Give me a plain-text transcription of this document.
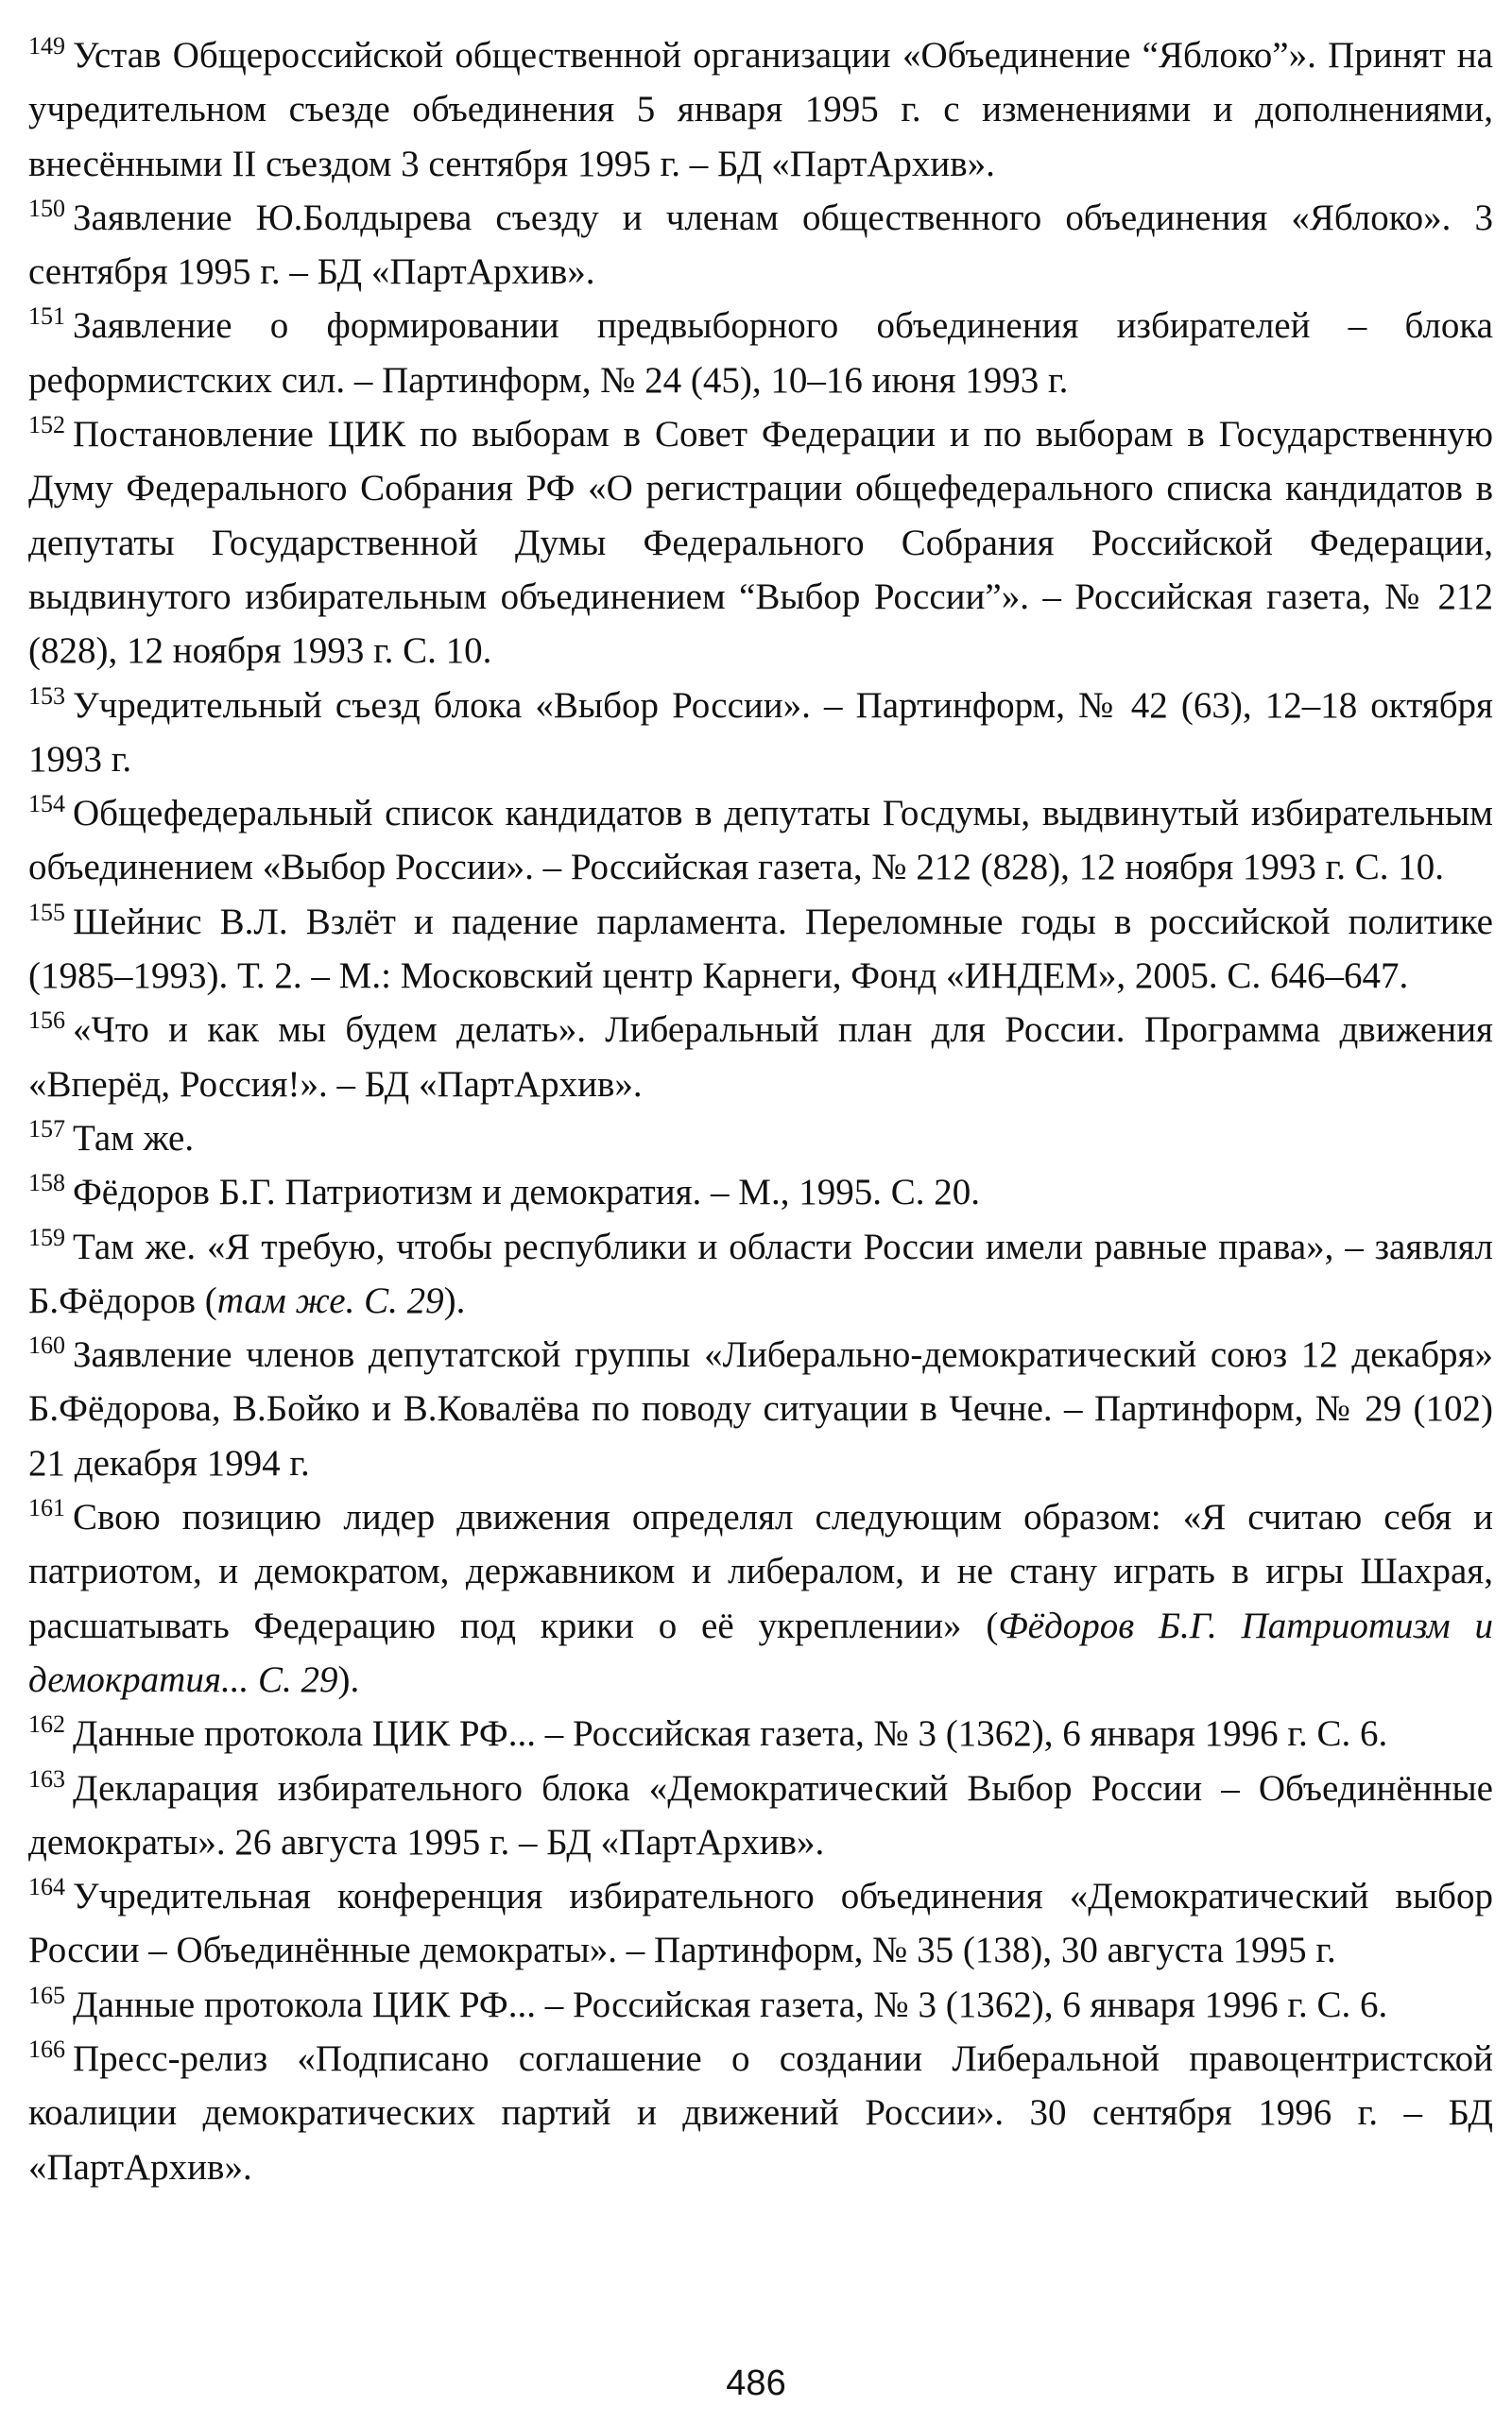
$^{149}$ Устав Общероссийской общественной организации «Объединение “Яблоко”». Принят на учредительном съезде объединения 5 января 1995 г. с изменениями и дополнениями, внесёнными II съездом 3 сентября 1995 г. – БД «ПартАрхив».

$^{150}$ Заявление Ю.Болдырева съезду и членам общественного объединения «Яблоко». 3 сентября 1995 г. – БД «ПартАрхив».

$^{151}$ Заявление о формировании предвыборного объединения избирателей – блока реформистских сил. – Партинформ, № 24 (45), 10–16 июня 1993 г.

$^{152}$ Постановление ЦИК по выборам в Совет Федерации и по выборам в Государственную Думу Федерального Собрания РФ «О регистрации общефедерального списка кандидатов в депутаты Государственной Думы Федерального Собрания Российской Федерации, выдвинутого избирательным объединением “Выбор России”». – Российская газета, № 212 (828), 12 ноября 1993 г. С. 10.

$^{153}$ Учредительный съезд блока «Выбор России». – Партинформ, № 42 (63), 12–18 октября 1993 г.

$^{154}$ Общефедеральный список кандидатов в депутаты Госдумы, выдвинутый избирательным объединением «Выбор России». – Российская газета, № 212 (828), 12 ноября 1993 г. С. 10.

$^{155}$ Шейнис В.Л. Взлёт и падение парламента. Переломные годы в российской политике (1985–1993). Т. 2. – М.: Московский центр Карнеги, Фонд «ИНДЕМ», 2005. С. 646–647.

$^{156}$ «Что и как мы будем делать». Либеральный план для России. Программа движения «Вперёд, Россия!». – БД «ПартАрхив».

$^{157}$ Там же.

$^{158}$ Фёдоров Б.Г. Патриотизм и демократия. – М., 1995. С. 20.

$^{159}$ Там же. «Я требую, чтобы республики и области России имели равные права», – заявлял Б.Фёдоров (там же. С. 29).

$^{160}$ Заявление членов депутатской группы «Либерально-демократический союз 12 декабря» Б.Фёдорова, В.Бойко и В.Ковалёва по поводу ситуации в Чечне. – Партинформ, № 29 (102) 21 декабря 1994 г.

$^{161}$ Свою позицию лидер движения определял следующим образом: «Я считаю себя и патриотом, и демократом, державником и либералом, и не стану играть в игры Шахрая, расшатывать Федерацию под крики о её укреплении» (Фёдоров Б.Г. Патриотизм и демократия... С. 29).

$^{162}$ Данные протокола ЦИК РФ... – Российская газета, № 3 (1362), 6 января 1996 г. С. 6.

$^{163}$ Декларация избирательного блока «Демократический Выбор России – Объединённые демократы». 26 августа 1995 г. – БД «ПартАрхив».

$^{164}$ Учредительная конференция избирательного объединения «Демократический выбор России – Объединённые демократы». – Партинформ, № 35 (138), 30 августа 1995 г.

$^{165}$ Данные протокола ЦИК РФ... – Российская газета, № 3 (1362), 6 января 1996 г. С. 6.

$^{166}$ Пресс-релиз «Подписано соглашение о создании Либеральной правоцентристской коалиции демократических партий и движений России». 30 сентября 1996 г. – БД «ПартАрхив».

486
